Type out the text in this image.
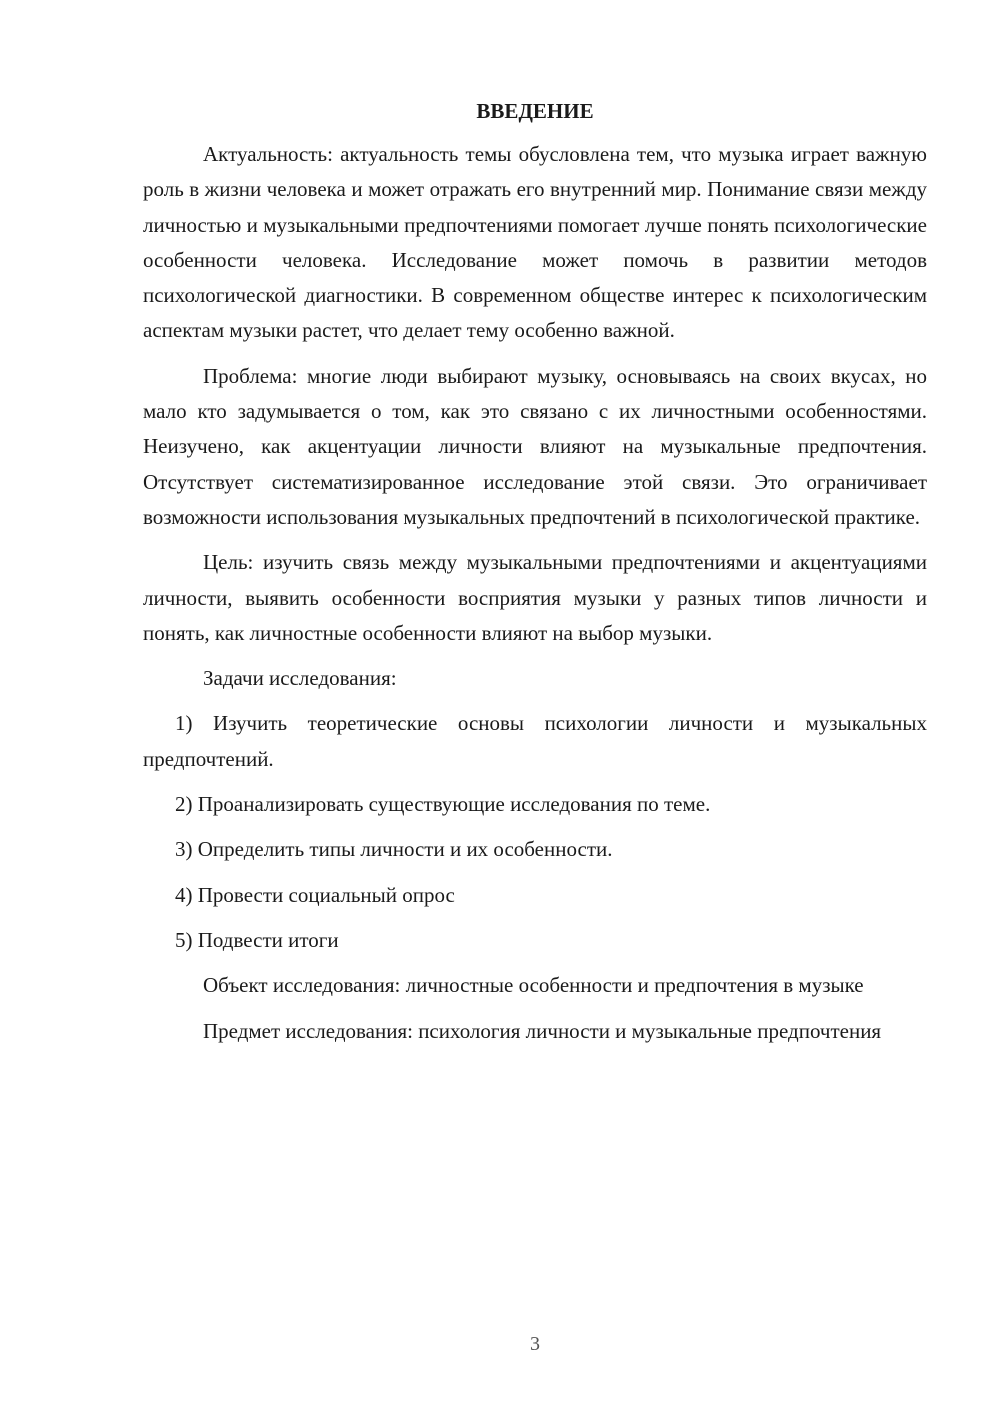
ВВЕДЕНИЕ

Актуальность: актуальность темы обусловлена тем, что музыка играет важную роль в жизни человека и может отражать его внутренний мир. Понимание связи между личностью и музыкальными предпочтениями помогает лучше понять психологические особенности человека. Исследование может помочь в развитии методов психологической диагностики. В современном обществе интерес к психологическим аспектам музыки растет, что делает тему особенно важной.

Проблема: многие люди выбирают музыку, основываясь на своих вкусах, но мало кто задумывается о том, как это связано с их личностными особенностями. Неизучено, как акцентуации личности влияют на музыкальные предпочтения. Отсутствует систематизированное исследование этой связи. Это ограничивает возможности использования музыкальных предпочтений в психологической практике.

Цель: изучить связь между музыкальными предпочтениями и акцентуациями личности, выявить особенности восприятия музыки у разных типов личности и понять, как личностные особенности влияют на выбор музыки.

Задачи исследования:

1) Изучить теоретические основы психологии личности и музыкальных предпочтений.

2) Проанализировать существующие исследования по теме.

3) Определить типы личности и их особенности.

4) Провести социальный опрос

5) Подвести итоги

Объект исследования: личностные особенности и предпочтения в музыке

Предмет исследования: психология личности и музыкальные предпочтения

3
